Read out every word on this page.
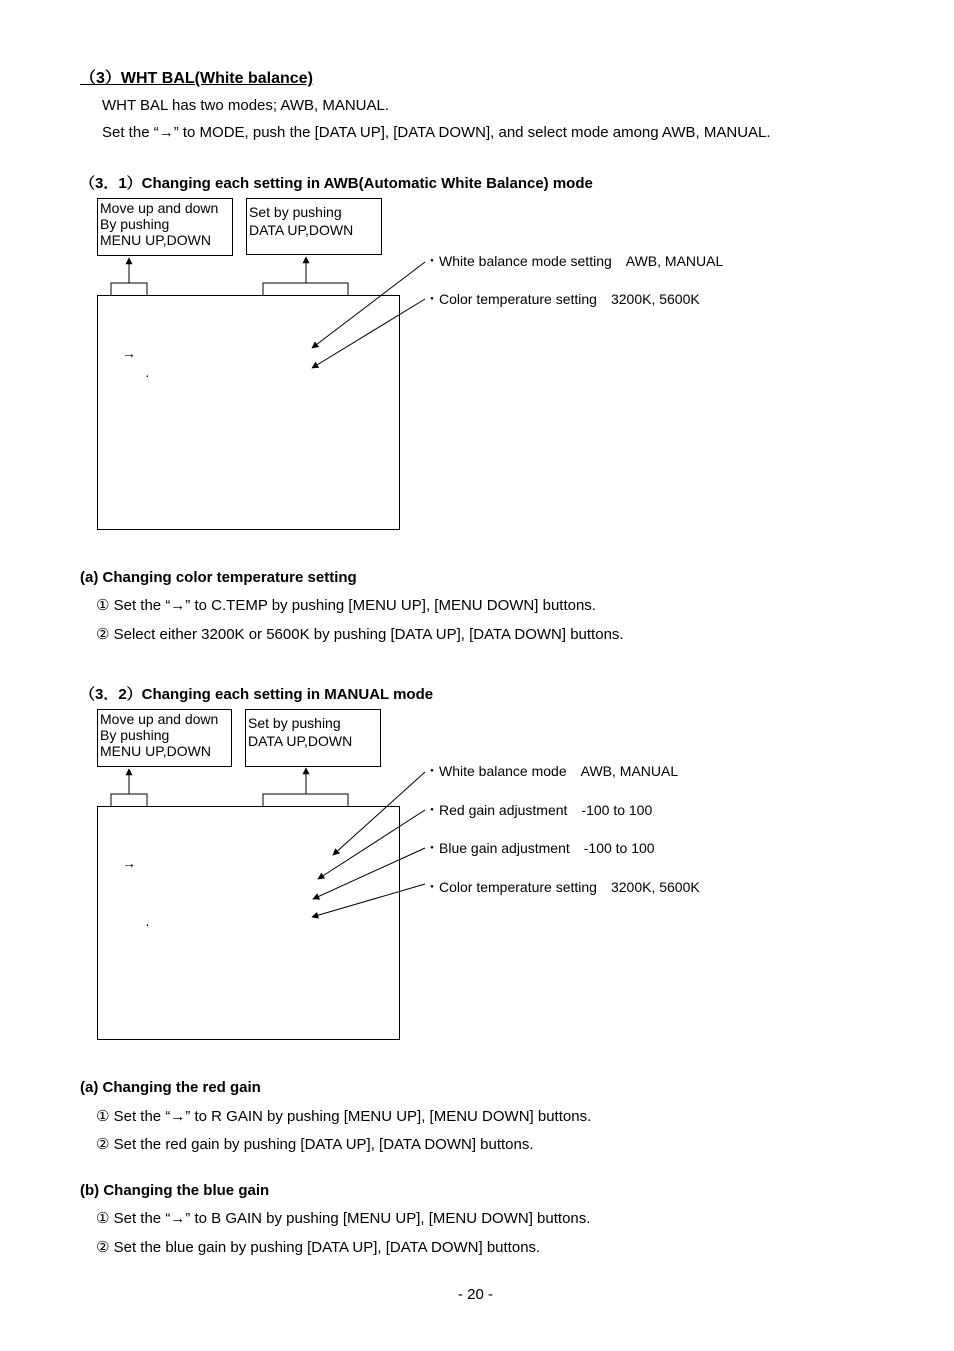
（3）WHT BAL(White balance)
WHT BAL has two modes; AWB, MANUAL.
Set the “→” to MODE, push the [DATA UP], [DATA DOWN], and select mode among AWB, MANUAL.
（3．1）Changing each setting in AWB(Automatic White Balance) mode
Move up and down
By pushing
MENU UP,DOWN
Set by pushing
DATA UP,DOWN
→
·
・White balance mode setting　AWB, MANUAL
・Color temperature setting　3200K, 5600K
(a) Changing color temperature setting
① Set the “→” to C.TEMP by pushing [MENU UP], [MENU DOWN] buttons.
② Select either 3200K or 5600K by pushing [DATA UP], [DATA DOWN] buttons.
（3．2）Changing each setting in MANUAL mode
Move up and down
By pushing
MENU UP,DOWN
Set by pushing
DATA UP,DOWN
→
·
・White balance mode　AWB, MANUAL
・Red gain adjustment　-100 to 100
・Blue gain adjustment　-100 to 100
・Color temperature setting　3200K, 5600K
(a) Changing the red gain
① Set the “→” to R GAIN by pushing [MENU UP], [MENU DOWN] buttons.
② Set the red gain by pushing [DATA UP], [DATA DOWN] buttons.
(b) Changing the blue gain
① Set the “→” to B GAIN by pushing [MENU UP], [MENU DOWN] buttons.
② Set the blue gain by pushing [DATA UP], [DATA DOWN] buttons.
- 20 -
